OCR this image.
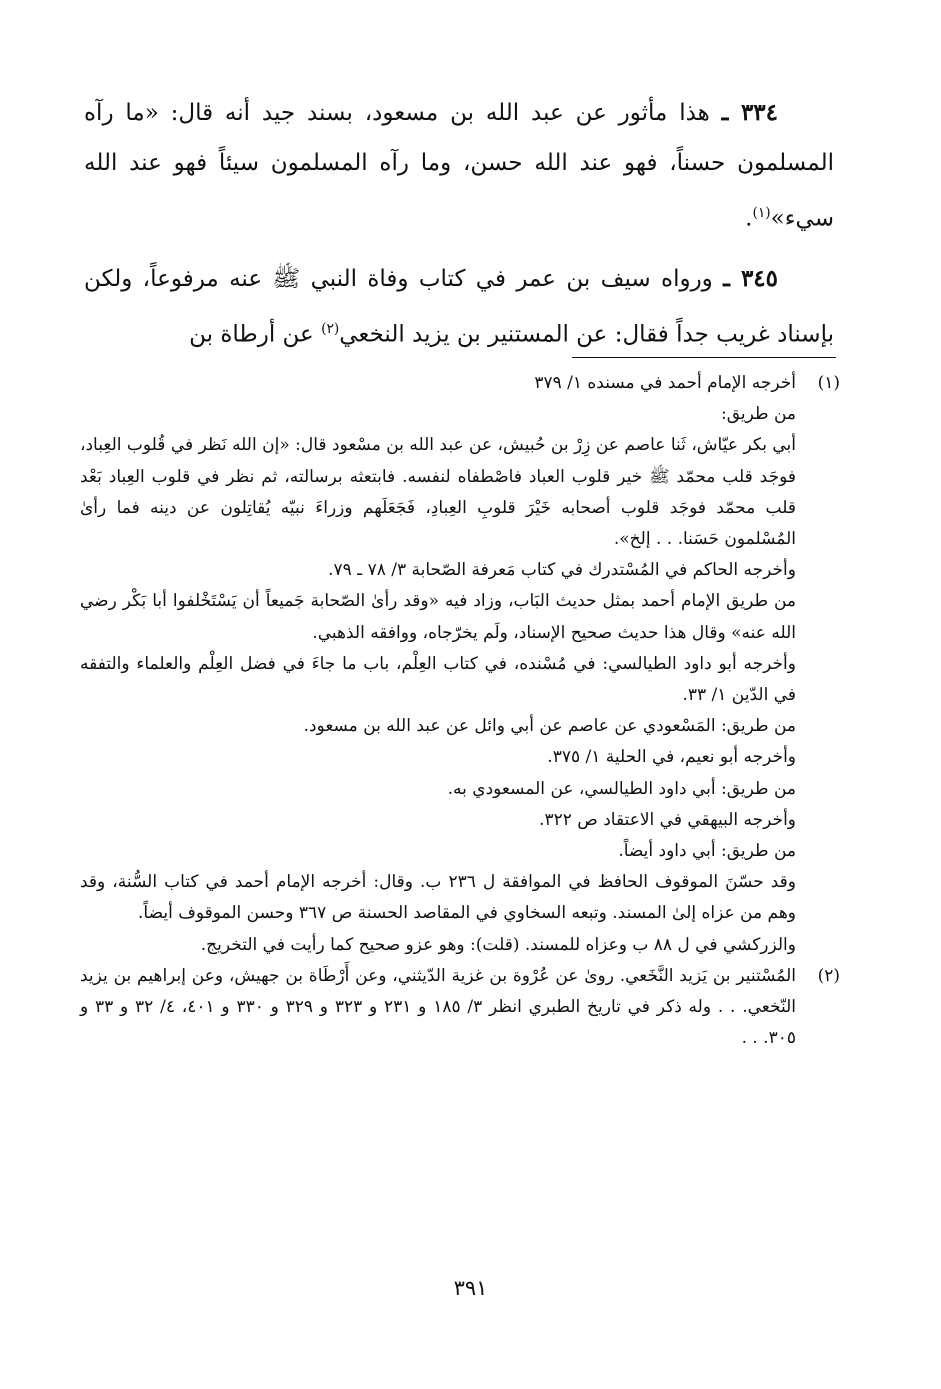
٣٣٤ ـ هذا مأثور عن عبد الله بن مسعود، بسند جيد أنه قال: «ما رآه المسلمون حسناً، فهو عند الله حسن، وما رآه المسلمون سيئاً فهو عند الله سيء»$^{(١)}$.

٣٤٥ ـ ورواه سيف بن عمر في كتاب وفاة النبي ﷺ عنه مرفوعاً، ولكن بإسناد غريب جداً فقال: عن المستنير بن يزيد النخعي$^{(٢)}$ عن أرطاة بن

(١)

أخرجه الإمام أحمد في مسنده ١/ ٣٧٩

من طريق:

أبي بكر عيّاش، ثَنا عاصم عن زِرْ بن حُبيش، عن عبد الله بن مسْعود قال: «إن الله نَظر في قُلوب العِباد، فوجَد قلب محمّد ﷺ خير قلوب العباد فاصْطفاه لنفسه. فابتعثه برسالته، ثم نظر في قلوب العِباد بَعْد قلب محمّد فوجَد قلوب أصحابه خَيْرَ قلوبِ العِبادِ، فَجَعَلَهم وزراءَ نبيّه يُقاتِلون عن دينه فما رأىٰ المُسْلمون حَسَنا. . . إلخ».

وأخرجه الحاكم في المُسْتدرك في كتاب مَعرفة الصّحابة ٣/ ٧٨ ـ ٧٩.

من طريق الإمام أحمد بمثل حديث البَاب، وزاد فيه «وقد رأىٰ الصّحابة جَميعاً أن يَسْتَخْلفوا أبا بَكْر رضي الله عنه» وقال هذا حديث صحيح الإسناد، ولَم يخرّجاه، ووافقه الذهبي.

وأخرجه أبو داود الطيالسي: في مُسْنده، في كتاب العِلْم، باب ما جاءَ في فضل العِلْم والعلماء والتفقه في الدّين ١/ ٣٣.

من طريق: المَسْعودي عن عاصم عن أبي وائل عن عبد الله بن مسعود.

وأخرجه أبو نعيم، في الحلية ١/ ٣٧٥.

من طريق: أبي داود الطيالسي، عن المسعودي به.

وأخرجه البيهقي في الاعتقاد ص ٣٢٢.

من طريق: أبي داود أيضاً.

وقد حسّنَ الموقوف الحافظ في الموافقة ل ٢٣٦ ب. وقال: أخرجه الإمام أحمد في كتاب السُّنة، وقد وهم من عزاه إلىٰ المسند. وتبعه السخاوي في المقاصد الحسنة ص ٣٦٧ وحسن الموقوف أيضاً.

والزركشي في ل ٨٨ ب وعزاه للمسند. (قلت): وهو عزو صحيح كما رأيت في التخريج.

(٢)

المُسْتنير بن يَزيد النَّخَعي. روىٰ عن عُرْوة بن غزية الدّيثني، وعن أَرْطَاة بن جهيش، وعن إبراهيم بن يزيد النّخعي. . . وله ذكر في تاريخ الطبري انظر ٣/ ١٨٥ و ٢٣١ و ٣٢٣ و ٣٢٩ و ٣٣٠ و ٤٠١، ٤/ ٣٢ و ٣٣ و ٣٠٥. . .

٣٩١
